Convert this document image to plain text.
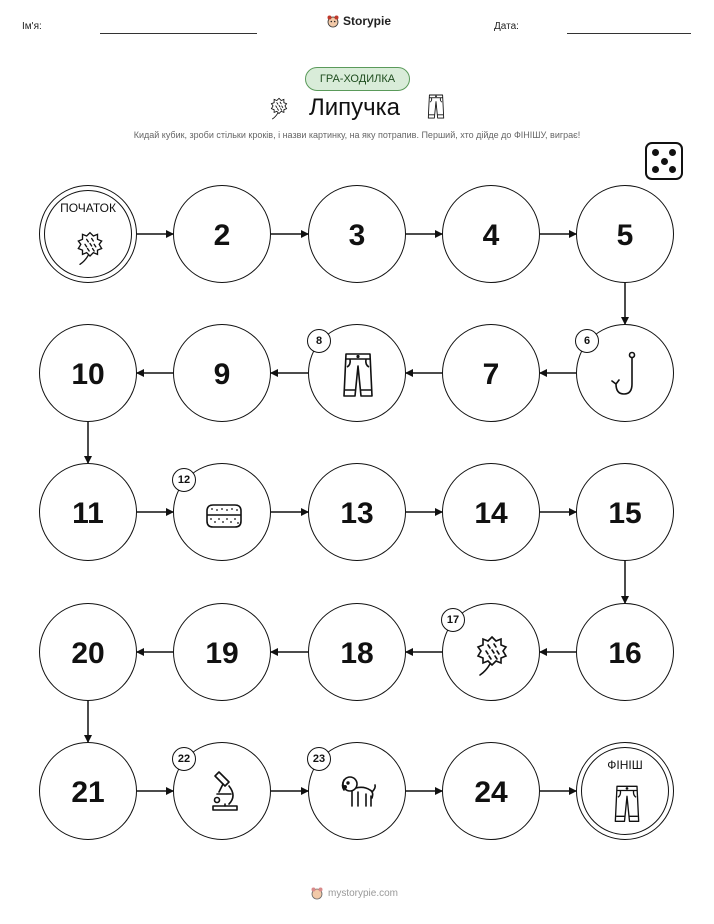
Ім'я:	Storypie	Дата:
ГРА-ХОДИЛКА
Липучка
Кидай кубик, зроби стільки кроків, і назви картинку, на яку потрапив. Перший, хто дійде до ФІНІШУ, виграє!
ПОЧАТОК
2	3	4	5
6
7
8
9
10
11
12
13	14	15
16
17
18
19
20
21
22	23
24
ФІНІШ
mystorypie.com
